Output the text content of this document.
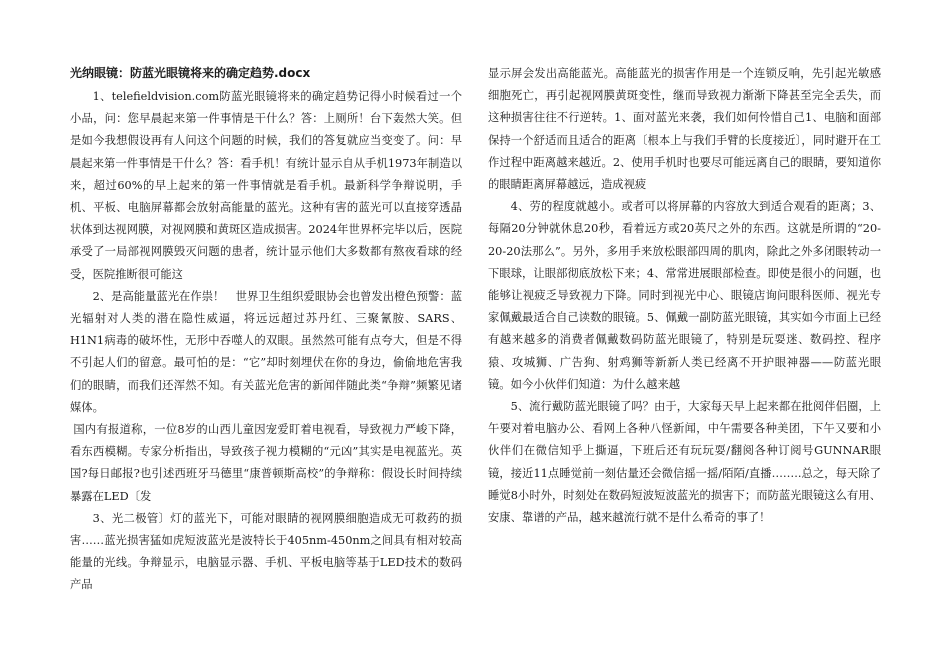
光纳眼镜：防蓝光眼镜将来的确定趋势.docx

1、telefieldvision.com防蓝光眼镜将来的确定趋势记得小时候看过一个小品，问：您早晨起来第一件事情是干什么？答：上厕所！台下轰然大笑。但是如今我想假设再有人问这个问题的时候，我们的答复就应当变变了。问：早晨起来第一件事情是干什么？答：看手机！有统计显示自从手机1973年制造以来，超过60%的早上起来的第一件事情就是看手机。最新科学争辩说明，手机、平板、电脑屏幕都会放射高能量的蓝光。这种有害的蓝光可以直接穿透晶状体到达视网膜，对视网膜和黄斑区造成损害。2024年世界杯完毕以后，医院承受了一局部视网膜毁灭问题的患者，统计显示他们大多数都有熬夜看球的经受，医院推断很可能这

2、是高能量蓝光在作祟！　世界卫生组织爱眼协会也曾发出橙色预警：蓝光辐射对人类的潜在隐性威逼，将远远超过苏丹红、三聚氰胺、SARS、H1N1病毒的破坏性，无形中吞噬人的双眼。虽然然可能有点夸大，但是不得不引起人们的留意。最可怕的是：“它”却时刻埋伏在你的身边，偷偷地危害我们的眼睛，而我们还浑然不知。有关蓝光危害的新闻伴随此类“争辩”频繁见诸媒体。

国内有报道称，一位8岁的山西儿童因宠爱盯着电视看，导致视力严峻下降，看东西模糊。专家分析指出，导致孩子视力模糊的“元凶”其实是电视蓝光。英国?每日邮报?也引述西班牙马德里“康普顿斯高校”的争辩称：假设长时间持续暴露在LED〔发

3、光二极管〕灯的蓝光下，可能对眼睛的视网膜细胞造成无可救药的损害……蓝光损害猛如虎短波蓝光是波特长于405nm-450nm之间具有相对较高能量的光线。争辩显示，电脑显示器、手机、平板电脑等基于LED技术的数码产品

显示屏会发出高能蓝光。高能蓝光的损害作用是一个连锁反响，先引起光敏感细胞死亡，再引起视网膜黄斑变性，继而导致视力渐渐下降甚至完全丢失，而这种损害往往不行逆转。1、面对蓝光来袭，我们如何怜惜自己1、电脑和面部保持一个舒适而且适合的距离〔根本上与我们手臂的长度接近〕，同时避开在工作过程中距离越来越近。2、使用手机时也要尽可能远离自己的眼睛，要知道你的眼睛距离屏幕越远，造成视疲

4、劳的程度就越小。或者可以将屏幕的内容放大到适合观看的距离；3、每隔20分钟就休息20秒，看着远方或20英尺之外的东西。这就是所谓的“20-20-20法那么”。另外，多用手来放松眼部四周的肌肉，除此之外多闭眼转动一下眼球，让眼部彻底放松下来；4、常常进展眼部检查。即使是很小的问题，也能够让视疲乏导致视力下降。同时到视光中心、眼镜店询问眼科医师、视光专家佩戴最适合自己读数的眼镜。5、佩戴一副防蓝光眼镜，其实如今市面上已经有越来越多的消费者佩戴数码防蓝光眼镜了，特别是玩耍迷、数码控、程序猿、攻城狮、广告狗、射鸡狮等新新人类已经离不开护眼神器——防蓝光眼镜。如今小伙伴们知道：为什么越来越

5、流行戴防蓝光眼镜了吗？由于，大家每天早上起来都在批阅伴侣圈，上午要对着电脑办公、看网上各种八怪新闻，中午需要各种美团，下午又要和小伙伴们在微信知乎上撕逼，下班后还有玩玩耍/翻阅各种订阅号GUNNAR眼镜，接近11点睡觉前一刻估量还会微信摇一摇/陌陌/直播……..总之，每天除了睡觉8小时外，时刻处在数码短波短波蓝光的损害下；而防蓝光眼镜这么有用、安康、靠谱的产品，越来越流行就不是什么希奇的事了！
